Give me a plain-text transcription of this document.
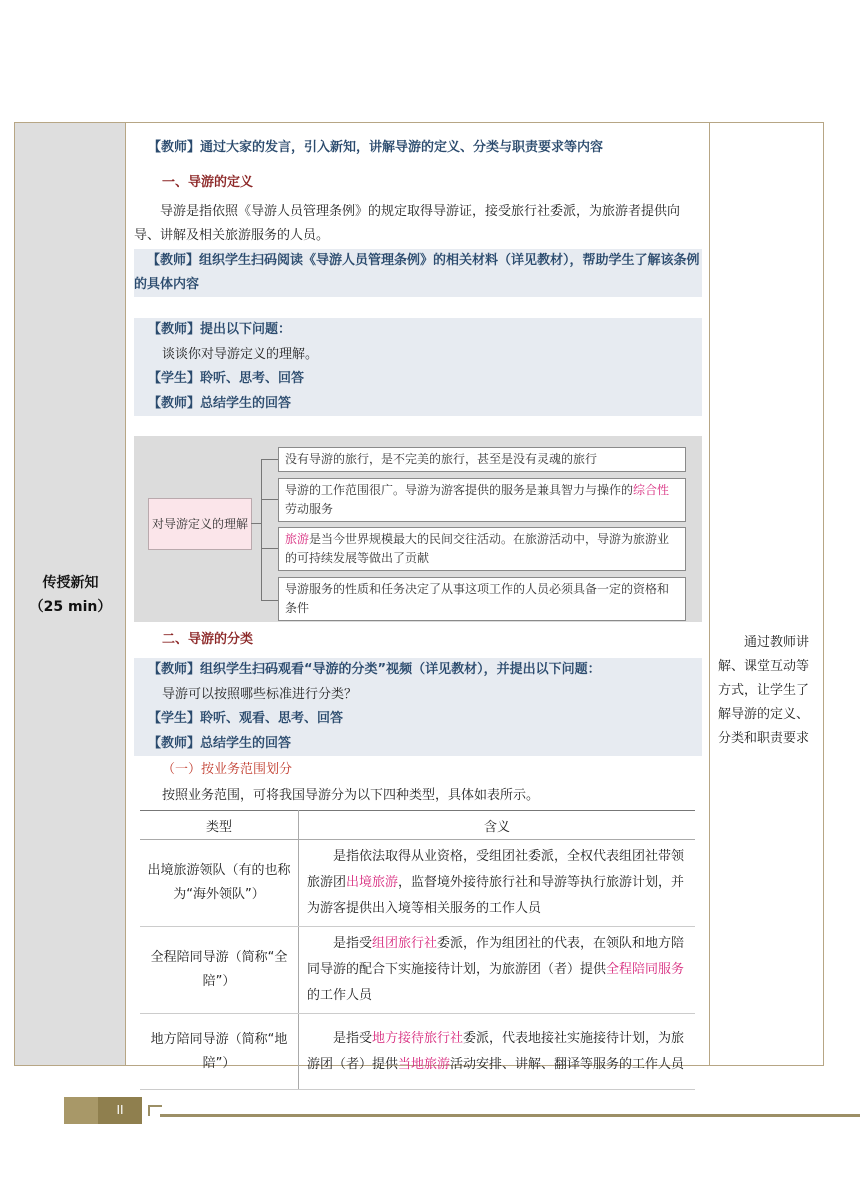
传授新知
（25 min）
通过教师讲解、课堂互动等方式，让学生了解导游的定义、分类和职责要求
【教师】通过大家的发言，引入新知，讲解导游的定义、分类与职责要求等内容
一、导游的定义
导游是指依照《导游人员管理条例》的规定取得导游证，接受旅行社委派，为旅游者提供向导、讲解及相关旅游服务的人员。
【教师】组织学生扫码阅读《导游人员管理条例》的相关材料（详见教材），帮助学生了解该条例的具体内容
【教师】提出以下问题：
谈谈你对导游定义的理解。
【学生】聆听、思考、回答
【教师】总结学生的回答
对导游定义的理解
没有导游的旅行，是不完美的旅行，甚至是没有灵魂的旅行
导游的工作范围很广。导游为游客提供的服务是兼具智力与操作的综合性劳动服务
旅游是当今世界规模最大的民间交往活动。在旅游活动中，导游为旅游业的可持续发展等做出了贡献
导游服务的性质和任务决定了从事这项工作的人员必须具备一定的资格和条件
二、导游的分类
【教师】组织学生扫码观看“导游的分类”视频（详见教材），并提出以下问题：
导游可以按照哪些标准进行分类？
【学生】聆听、观看、思考、回答
【教师】总结学生的回答
（一）按业务范围划分
按照业务范围，可将我国导游分为以下四种类型，具体如表所示。
类型	含义
出境旅游领队（有的也称为“海外领队”）	是指依法取得从业资格，受组团社委派，全权代表组团社带领旅游团出境旅游，监督境外接待旅行社和导游等执行旅游计划，并为游客提供出入境等相关服务的工作人员
全程陪同导游（简称“全陪”）	是指受组团旅行社委派，作为组团社的代表，在领队和地方陪同导游的配合下实施接待计划，为旅游团（者）提供全程陪同服务的工作人员
地方陪同导游（简称“地陪”）	是指受地方接待旅行社委派，代表地接社实施接待计划，为旅游团（者）提供当地旅游活动安排、讲解、翻译等服务的工作人员
II
